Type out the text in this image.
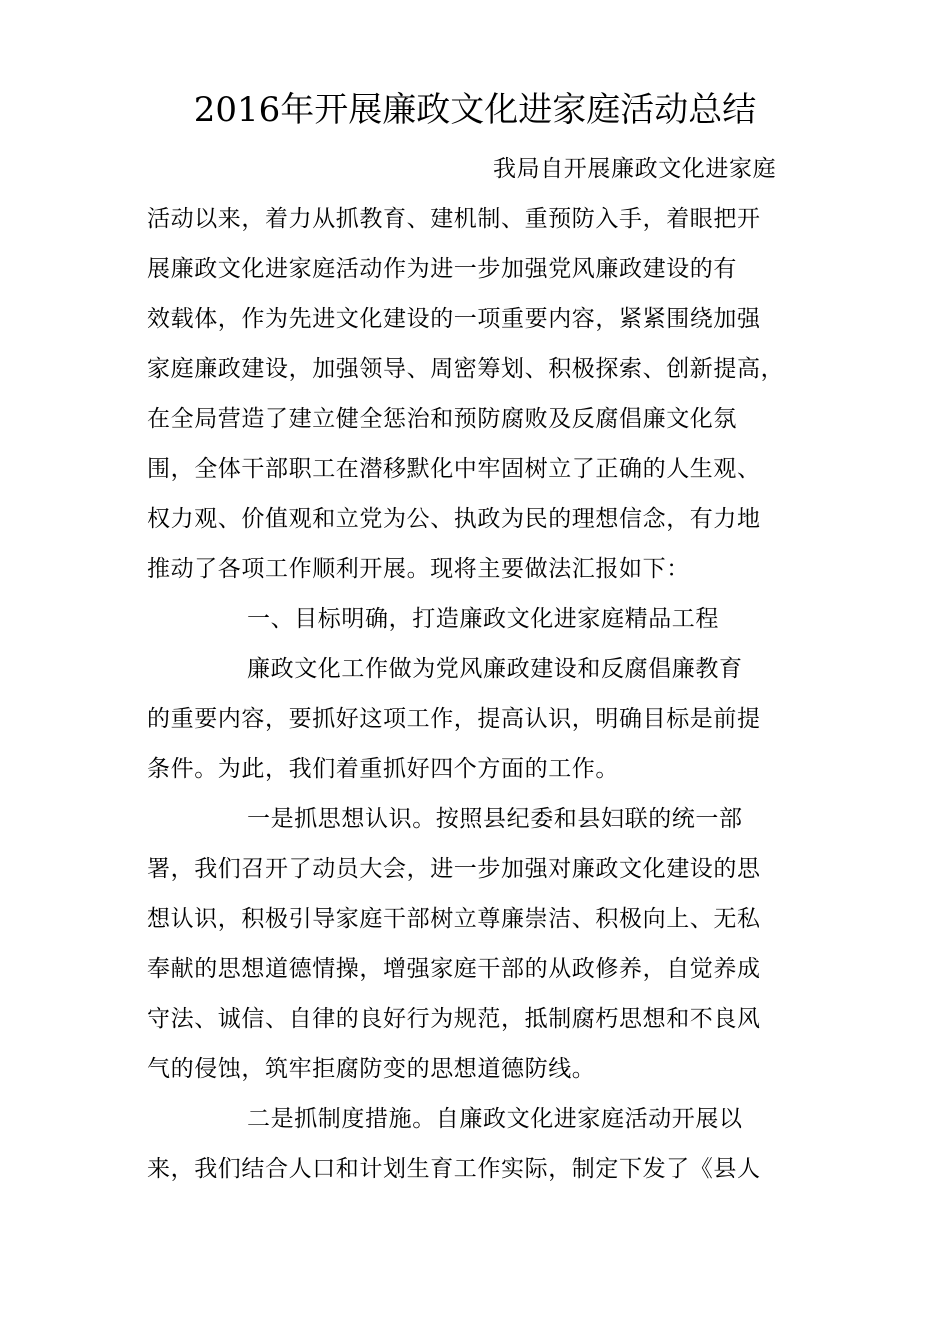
2016年开展廉政文化进家庭活动总结
我局自开展廉政文化进家庭
活动以来，着力从抓教育、建机制、重预防入手，着眼把开
展廉政文化进家庭活动作为进一步加强党风廉政建设的有
效载体，作为先进文化建设的一项重要内容，紧紧围绕加强
家庭廉政建设，加强领导、周密筹划、积极探索、创新提高，
在全局营造了建立健全惩治和预防腐败及反腐倡廉文化氛
围，全体干部职工在潜移默化中牢固树立了正确的人生观、
权力观、价值观和立党为公、执政为民的理想信念，有力地
推动了各项工作顺利开展。现将主要做法汇报如下：
一、目标明确，打造廉政文化进家庭精品工程
廉政文化工作做为党风廉政建设和反腐倡廉教育
的重要内容，要抓好这项工作，提高认识，明确目标是前提
条件。为此，我们着重抓好四个方面的工作。
一是抓思想认识。按照县纪委和县妇联的统一部
署，我们召开了动员大会，进一步加强对廉政文化建设的思
想认识，积极引导家庭干部树立尊廉崇洁、积极向上、无私
奉献的思想道德情操，增强家庭干部的从政修养，自觉养成
守法、诚信、自律的良好行为规范，抵制腐朽思想和不良风
气的侵蚀，筑牢拒腐防变的思想道德防线。
二是抓制度措施。自廉政文化进家庭活动开展以
来，我们结合人口和计划生育工作实际，制定下发了《县人
